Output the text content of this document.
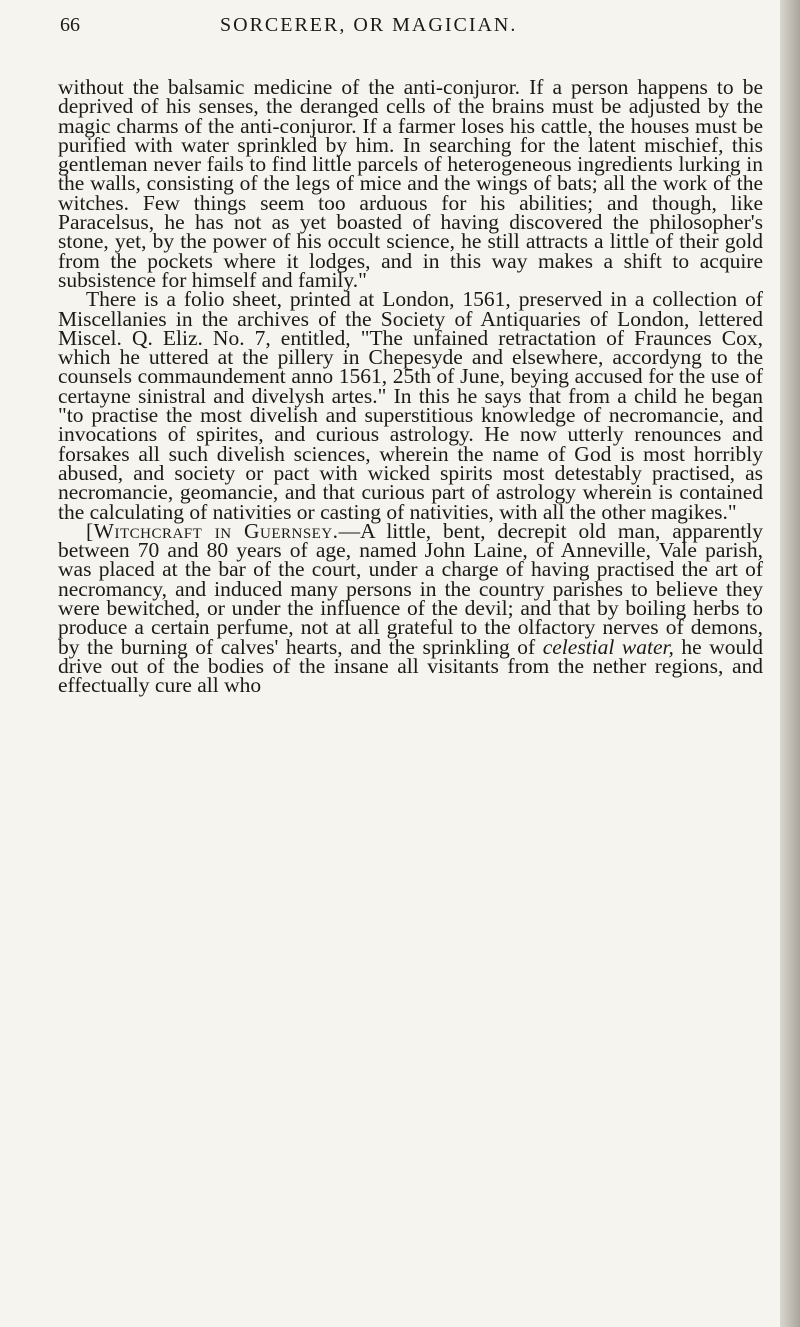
66	SORCERER, OR MAGICIAN.

without the balsamic medicine of the anti-conjuror. If a person happens to be deprived of his senses, the deranged cells of the brains must be adjusted by the magic charms of the anti-conjuror. If a farmer loses his cattle, the houses must be purified with water sprinkled by him. In searching for the latent mischief, this gentleman never fails to find little parcels of heterogeneous ingredients lurking in the walls, consisting of the legs of mice and the wings of bats; all the work of the witches. Few things seem too arduous for his abilities; and though, like Paracelsus, he has not as yet boasted of having discovered the philosopher's stone, yet, by the power of his occult science, he still attracts a little of their gold from the pockets where it lodges, and in this way makes a shift to acquire subsistence for himself and family."

There is a folio sheet, printed at London, 1561, preserved in a collection of Miscellanies in the archives of the Society of Antiquaries of London, lettered Miscel. Q. Eliz. No. 7, entitled, "The unfained retractation of Fraunces Cox, which he uttered at the pillery in Chepesyde and elsewhere, accordyng to the counsels commaundement anno 1561, 25th of June, beying accused for the use of certayne sinistral and divelysh artes." In this he says that from a child he began "to practise the most divelish and superstitious knowledge of necromancie, and invocations of spirites, and curious astrology. He now utterly renounces and forsakes all such divelish sciences, wherein the name of God is most horribly abused, and society or pact with wicked spirits most detestably practised, as necromancie, geomancie, and that curious part of astrology wherein is contained the calculating of nativities or casting of nativities, with all the other magikes."

[Witchcraft in Guernsey.—A little, bent, decrepit old man, apparently between 70 and 80 years of age, named John Laine, of Anneville, Vale parish, was placed at the bar of the court, under a charge of having practised the art of necromancy, and induced many persons in the country parishes to believe they were bewitched, or under the influence of the devil; and that by boiling herbs to produce a certain perfume, not at all grateful to the olfactory nerves of demons, by the burning of calves' hearts, and the sprinkling of celestial water, he would drive out of the bodies of the insane all visitants from the nether regions, and effectually cure all who
